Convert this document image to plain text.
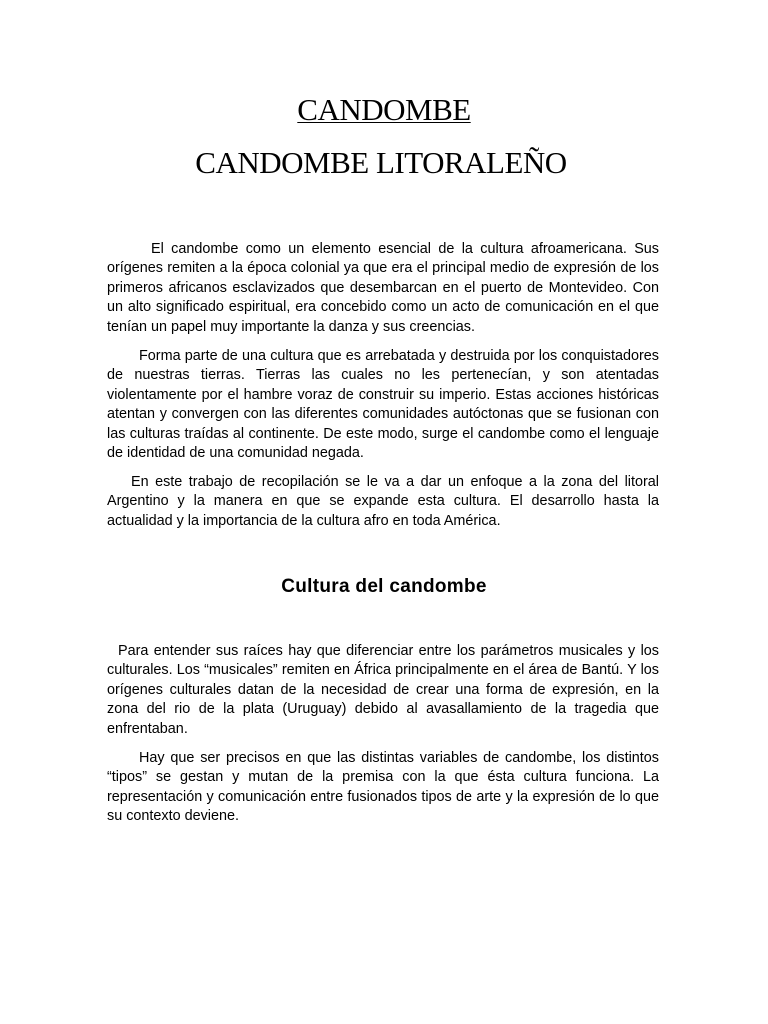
CANDOMBE
CANDOMBE LITORALEÑO

El candombe como un elemento esencial de la cultura afroamericana. Sus orígenes remiten a la época colonial ya que era el principal medio de expresión de los primeros africanos esclavizados que desembarcan en el puerto de Montevideo. Con un alto significado espiritual, era concebido como un acto de comunicación en el que tenían un papel muy importante la danza y sus creencias.

Forma parte de una cultura que es arrebatada y destruida por los conquistadores de nuestras tierras. Tierras las cuales no les pertenecían, y son atentadas violentamente por el hambre voraz de construir su imperio. Estas acciones históricas atentan y convergen con las diferentes comunidades autóctonas que se fusionan con las culturas traídas al continente. De este modo, surge el candombe como el lenguaje de identidad de una comunidad negada.

En este trabajo de recopilación se le va a dar un enfoque a la zona del litoral Argentino y la manera en que se expande esta cultura. El desarrollo hasta la actualidad y la importancia de la cultura afro en toda América.

Cultura del candombe

Para entender sus raíces hay que diferenciar entre los parámetros musicales y los culturales. Los “musicales” remiten en África principalmente en el área de Bantú. Y los orígenes culturales datan de la necesidad de crear una forma de expresión, en la zona del rio de la plata (Uruguay) debido al avasallamiento de la tragedia que enfrentaban.

Hay que ser precisos en que las distintas variables de candombe, los distintos “tipos” se gestan y mutan de la premisa con la que ésta cultura funciona. La representación y comunicación entre fusionados tipos de arte y la expresión de lo que su contexto deviene.
